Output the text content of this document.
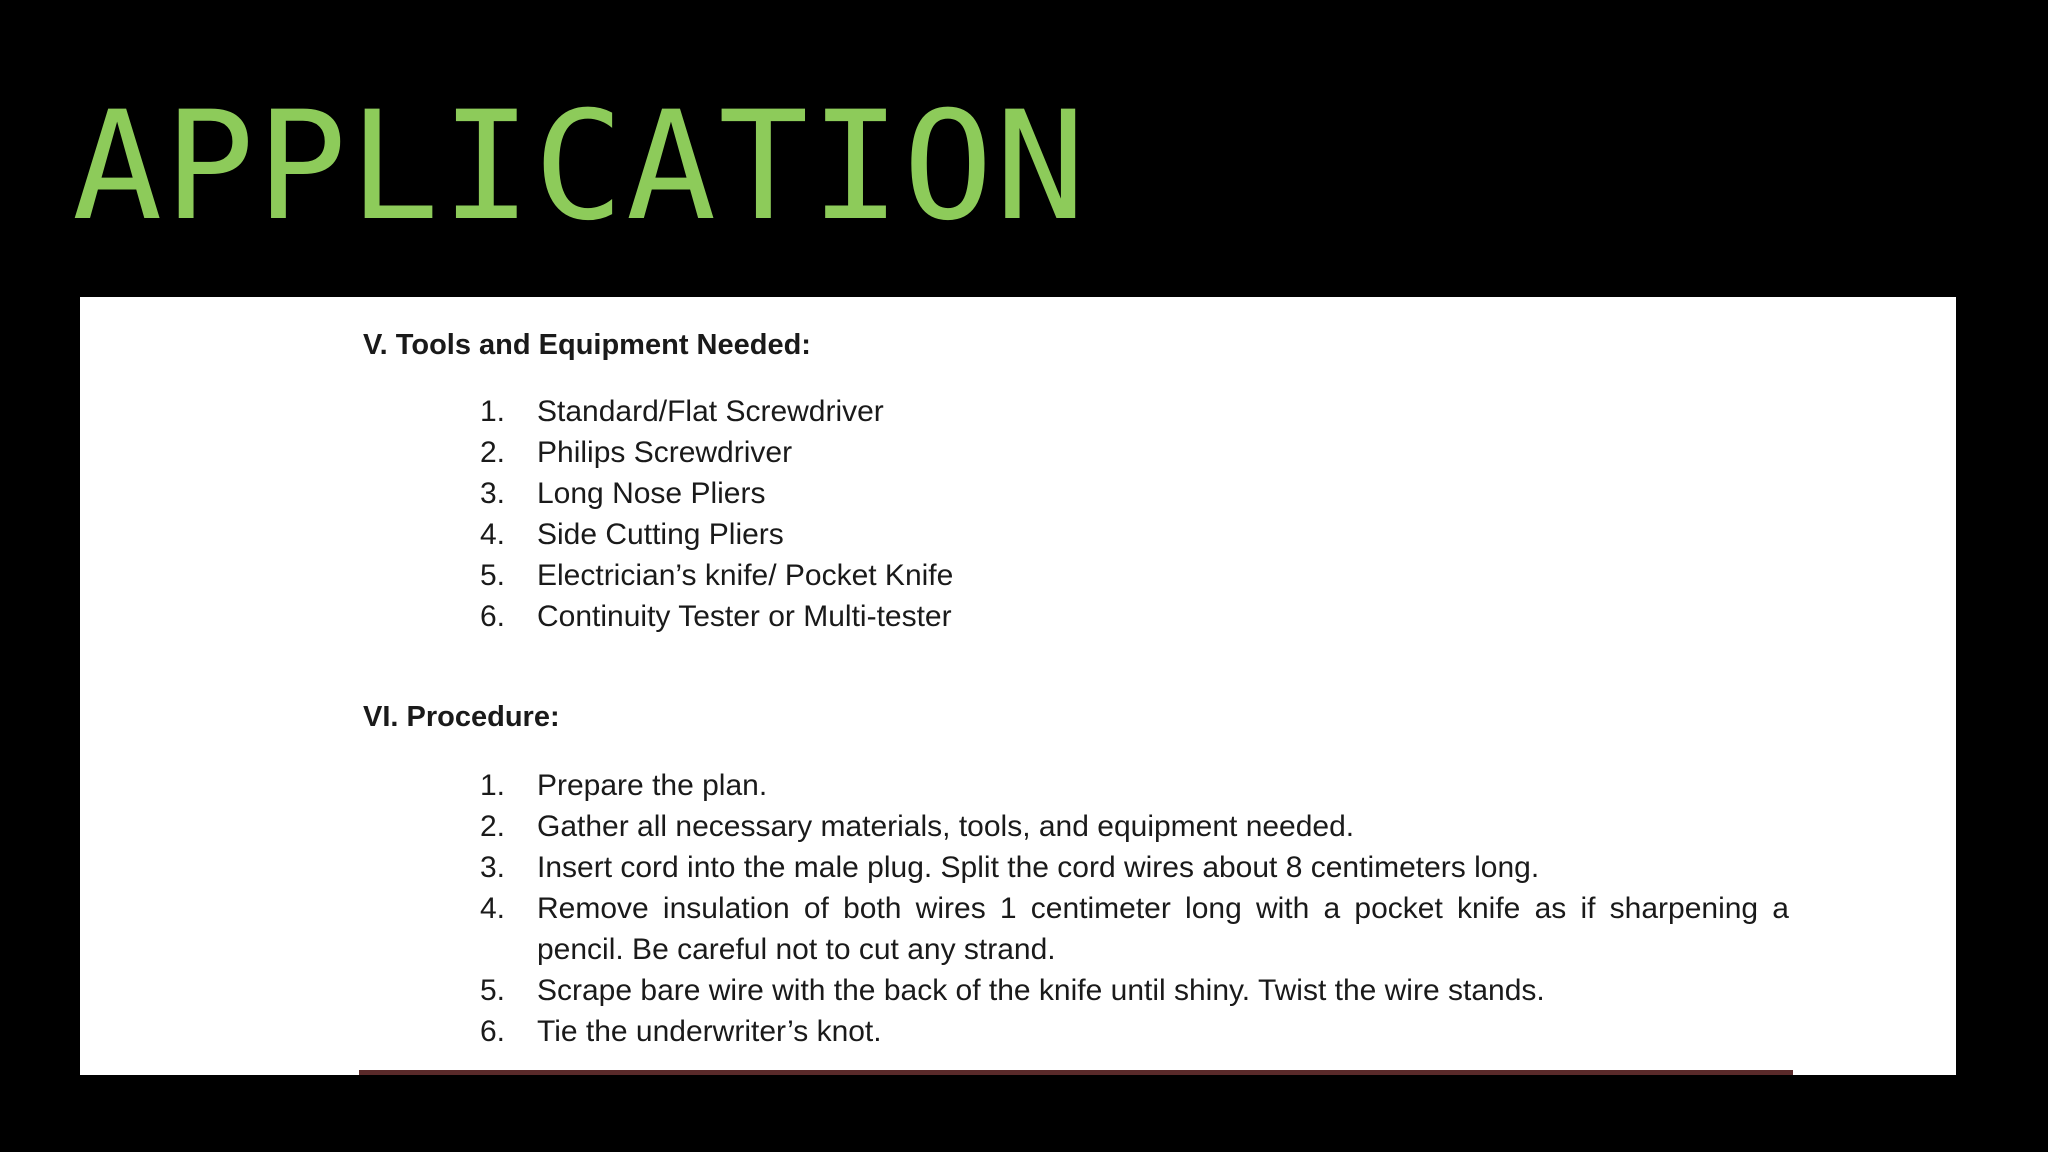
APPLICATION

V. Tools and Equipment Needed:

1.	Standard/Flat Screwdriver
2.	Philips Screwdriver
3.	Long Nose Pliers
4.	Side Cutting Pliers
5.	Electrician’s knife/ Pocket Knife
6.	Continuity Tester or Multi-tester

VI. Procedure:

1.	Prepare the plan.
2.	Gather all necessary materials, tools, and equipment needed.
3.	Insert cord into the male plug. Split the cord wires about 8 centimeters long.
4.	Remove insulation of both wires 1 centimeter long with a pocket knife as if sharpening a pencil. Be careful not to cut any strand.
5.	Scrape bare wire with the back of the knife until shiny. Twist the wire stands.
6.	Tie the underwriter’s knot.
